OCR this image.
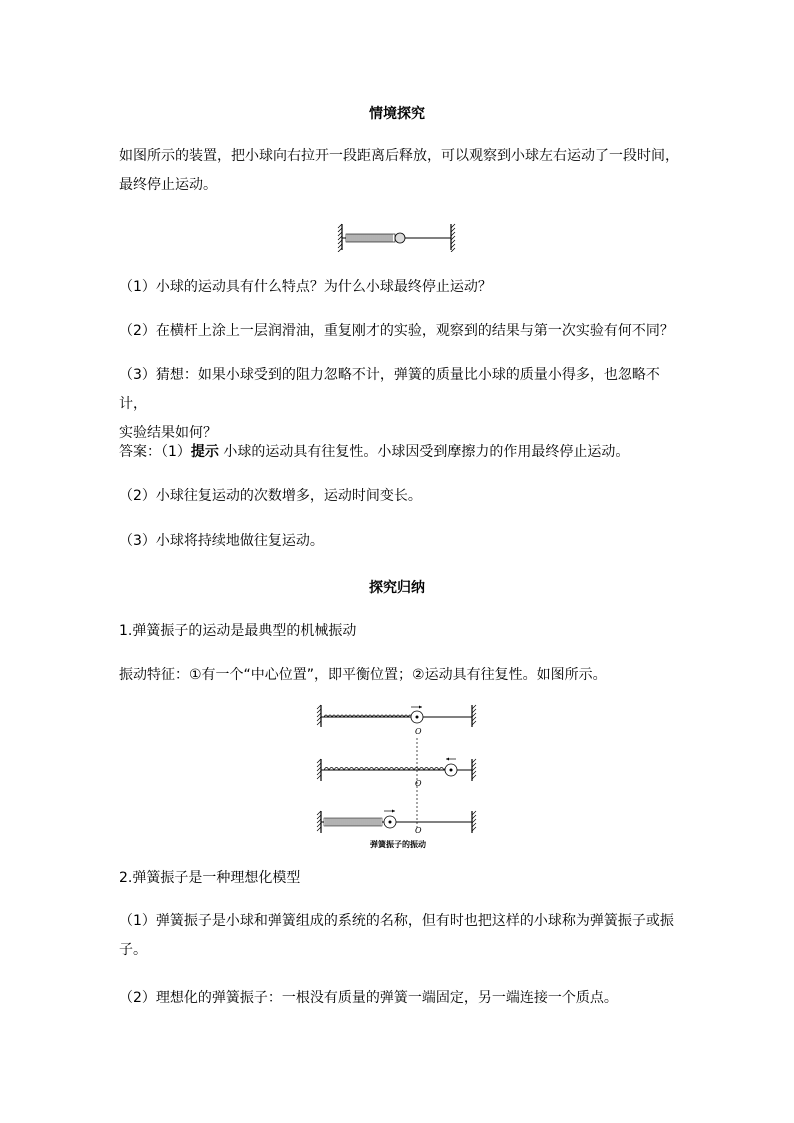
情境探究
如图所示的装置，把小球向右拉开一段距离后释放，可以观察到小球左右运动了一段时间，
最终停止运动。
（1）小球的运动具有什么特点？为什么小球最终停止运动？
（2）在横杆上涂上一层润滑油，重复刚才的实验，观察到的结果与第一次实验有何不同？
（3）猜想：如果小球受到的阻力忽略不计，弹簧的质量比小球的质量小得多，也忽略不计，
实验结果如何？
答案：（1）提示 小球的运动具有往复性。小球因受到摩擦力的作用最终停止运动。
（2）小球往复运动的次数增多，运动时间变长。
（3）小球将持续地做往复运动。
探究归纳
1.弹簧振子的运动是最典型的机械振动
振动特征：①有一个“中心位置”，即平衡位置；②运动具有往复性。如图所示。
O
O
O
弹簧振子的振动
2.弹簧振子是一种理想化模型
（1）弹簧振子是小球和弹簧组成的系统的名称，但有时也把这样的小球称为弹簧振子或振
子。
（2）理想化的弹簧振子：一根没有质量的弹簧一端固定，另一端连接一个质点。
